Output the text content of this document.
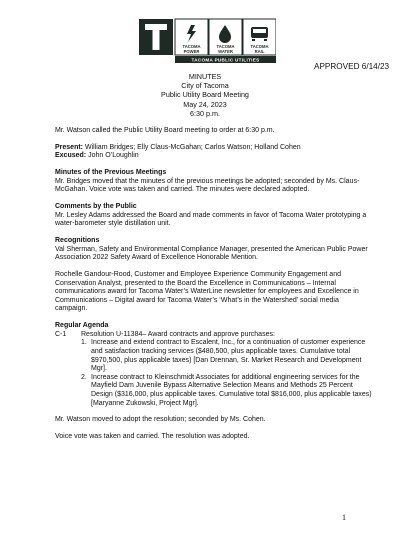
TACOMA
POWER
TACOMA
WATER
TACOMA
RAIL
TACOMA PUBLIC UTILITIES
APPROVED 6/14/23
MINUTES
City of Tacoma
Public Utility Board Meeting
May 24, 2023
6:30 p.m.

Mr. Watson called the Public Utility Board meeting to order at 6:30 p.m.

Present: William Bridges; Elly Claus-McGahan; Carlos Watson; Holland Cohen

Excused: John O’Loughlin

Minutes of the Previous Meetings

Mr. Bridges moved that the minutes of the previous meetings be adopted; seconded by Ms. Claus-McGahan. Voice vote was taken and carried. The minutes were declared adopted.

Comments by the Public

Mr. Lesley Adams addressed the Board and made comments in favor of Tacoma Water prototyping a water-barometer style distillation unit.

Recognitions

Val Sherman, Safety and Environmental Compliance Manager, presented the American Public Power Association 2022 Safety Award of Excellence Honorable Mention.

Rochelle Gandour-Rood, Customer and Employee Experience Community Engagement and Conservation Analyst, presented to the Board the Excellence in Communications – Internal communications award for Tacoma Water’s WaterLine newsletter for employees and Excellence in Communications – Digital award for Tacoma Water’s ‘What’s in the Watershed’ social media campaign.

Regular Agenda

C-1 Resolution U-11384– Award contracts and approve purchases:
1. Increase and extend contract to Escalent, Inc., for a continuation of customer experience and satisfaction tracking services ($480,500, plus applicable taxes. Cumulative total $970,500, plus applicable taxes) [Dan Drennan, Sr. Market Research and Development Mgr].
2. Increase contract to Kleinschmidt Associates for additional engineering services for the Mayfield Dam Juvenile Bypass Alternative Selection Means and Methods 25 Percent Design ($316,000, plus applicable taxes. Cumulative total $816,000, plus applicable taxes) [Maryanne Zukowski, Project Mgr].

Mr. Watson moved to adopt the resolution; seconded by Ms. Cohen.

Voice vote was taken and carried. The resolution was adopted.

1
